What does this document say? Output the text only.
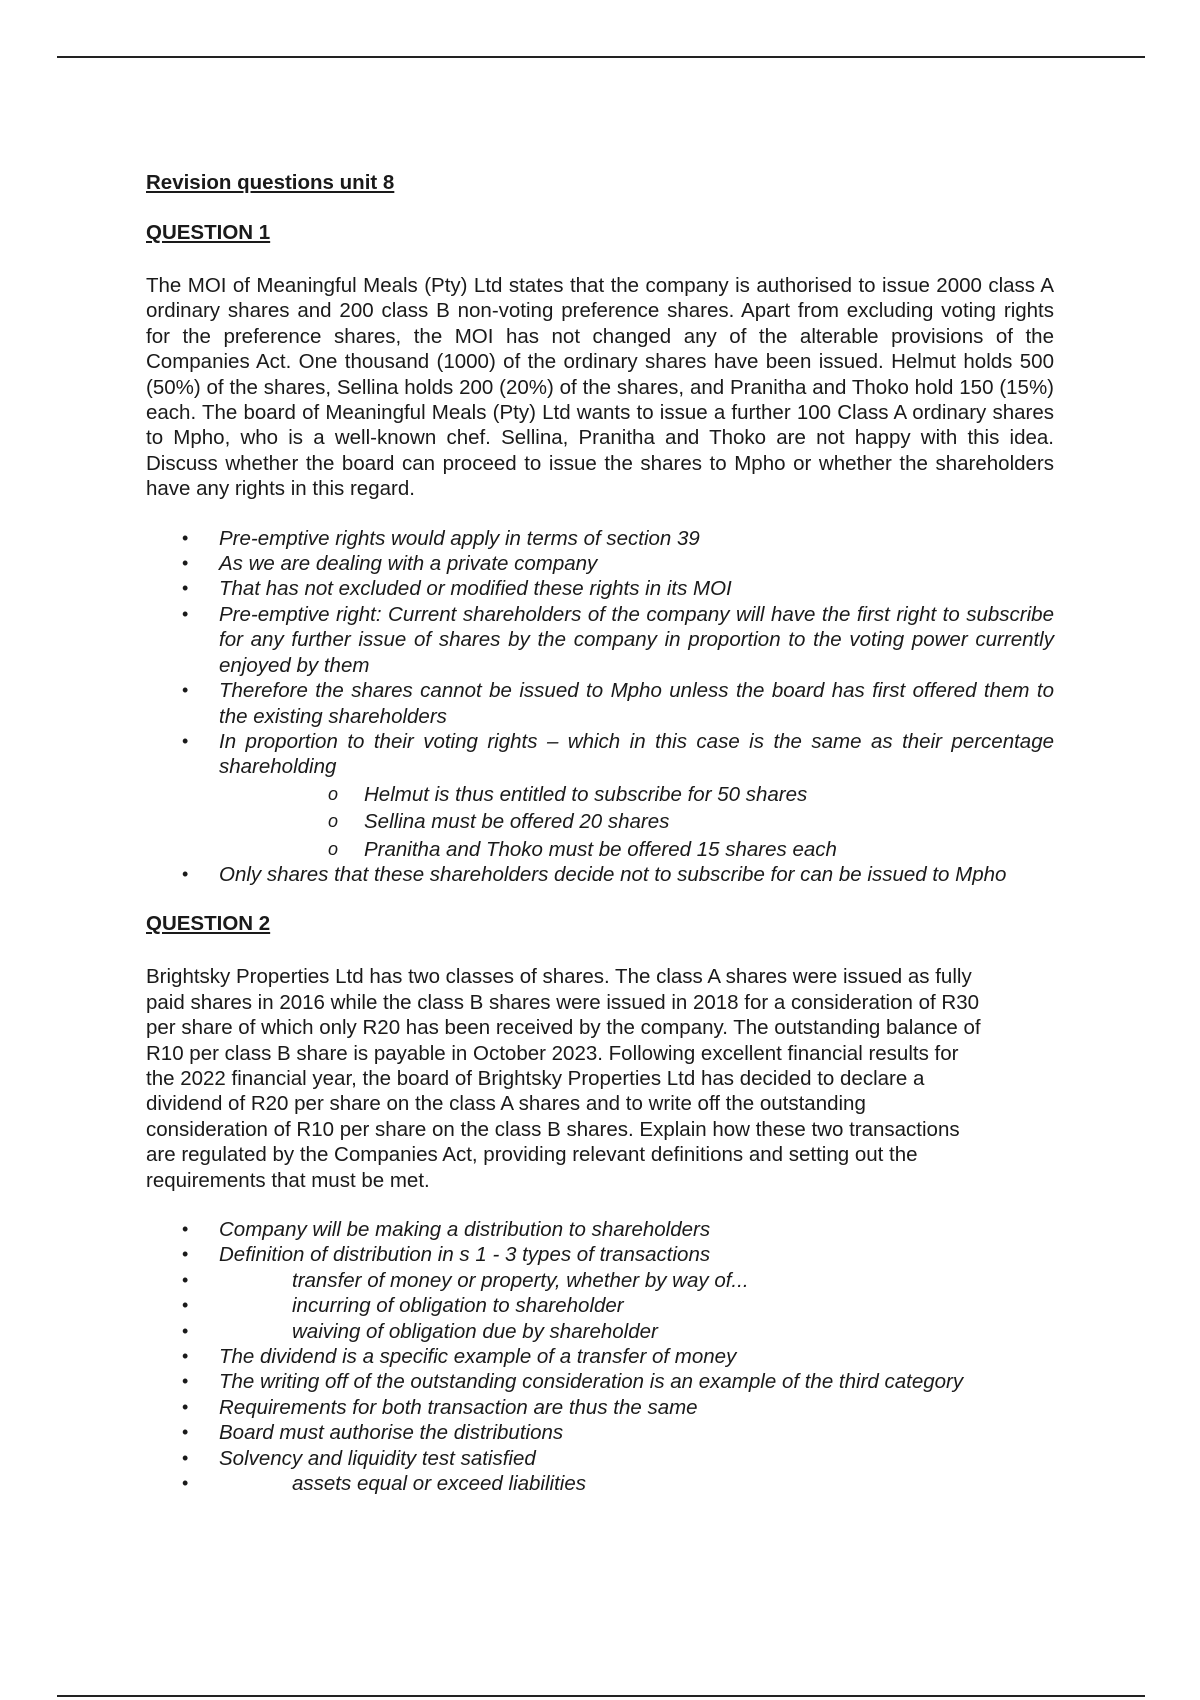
Revision questions unit 8

QUESTION 1

The MOI of Meaningful Meals (Pty) Ltd states that the company is authorised to issue 2000 class A ordinary shares and 200 class B non-voting preference shares. Apart from excluding voting rights for the preference shares, the MOI has not changed any of the alterable provisions of the Companies Act. One thousand (1000) of the ordinary shares have been issued. Helmut holds 500 (50%) of the shares, Sellina holds 200 (20%) of the shares, and Pranitha and Thoko hold 150 (15%) each. The board of Meaningful Meals (Pty) Ltd wants to issue a further 100 Class A ordinary shares to Mpho, who is a well-known chef. Sellina, Pranitha and Thoko are not happy with this idea. Discuss whether the board can proceed to issue the shares to Mpho or whether the shareholders have any rights in this regard.

• Pre-emptive rights would apply in terms of section 39
• As we are dealing with a private company
• That has not excluded or modified these rights in its MOI
• Pre-emptive right: Current shareholders of the company will have the first right to subscribe for any further issue of shares by the company in proportion to the voting power currently enjoyed by them
• Therefore the shares cannot be issued to Mpho unless the board has first offered them to the existing shareholders
• In proportion to their voting rights – which in this case is the same as their percentage shareholding
o Helmut is thus entitled to subscribe for 50 shares
o Sellina must be offered 20 shares
o Pranitha and Thoko must be offered 15 shares each
• Only shares that these shareholders decide not to subscribe for can be issued to Mpho

QUESTION 2

Brightsky Properties Ltd has two classes of shares. The class A shares were issued as fully
paid shares in 2016 while the class B shares were issued in 2018 for a consideration of R30
per share of which only R20 has been received by the company. The outstanding balance of
R10 per class B share is payable in October 2023. Following excellent financial results for
the 2022 financial year, the board of Brightsky Properties Ltd has decided to declare a
dividend of R20 per share on the class A shares and to write off the outstanding
consideration of R10 per share on the class B shares. Explain how these two transactions
are regulated by the Companies Act, providing relevant definitions and setting out the
requirements that must be met.

• Company will be making a distribution to shareholders
• Definition of distribution in s 1 - 3 types of transactions
•	transfer of money or property, whether by way of...
•	incurring of obligation to shareholder
•	waiving of obligation due by shareholder
• The dividend is a specific example of a transfer of money
• The writing off of the outstanding consideration is an example of the third category
• Requirements for both transaction are thus the same
• Board must authorise the distributions
• Solvency and liquidity test satisfied
•	assets equal or exceed liabilities
